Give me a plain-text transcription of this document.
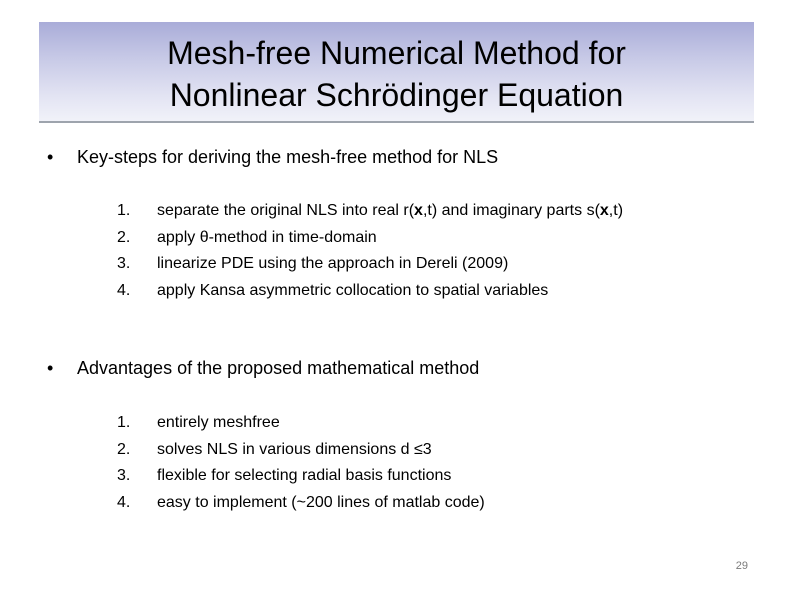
Mesh-free Numerical Method for
Nonlinear Schrödinger Equation
• Key-steps for deriving the mesh-free method for NLS
1.	separate the original NLS into real r(x,t) and imaginary parts s(x,t)
2.	apply θ-method in time-domain
3.	linearize PDE using the approach in Dereli (2009)
4.	apply Kansa asymmetric collocation to spatial variables
• Advantages of the proposed mathematical method
1.	entirely meshfree
2.	solves NLS in various dimensions d ≤3
3.	flexible for selecting radial basis functions
4.	easy to implement (~200 lines of matlab code)
29
